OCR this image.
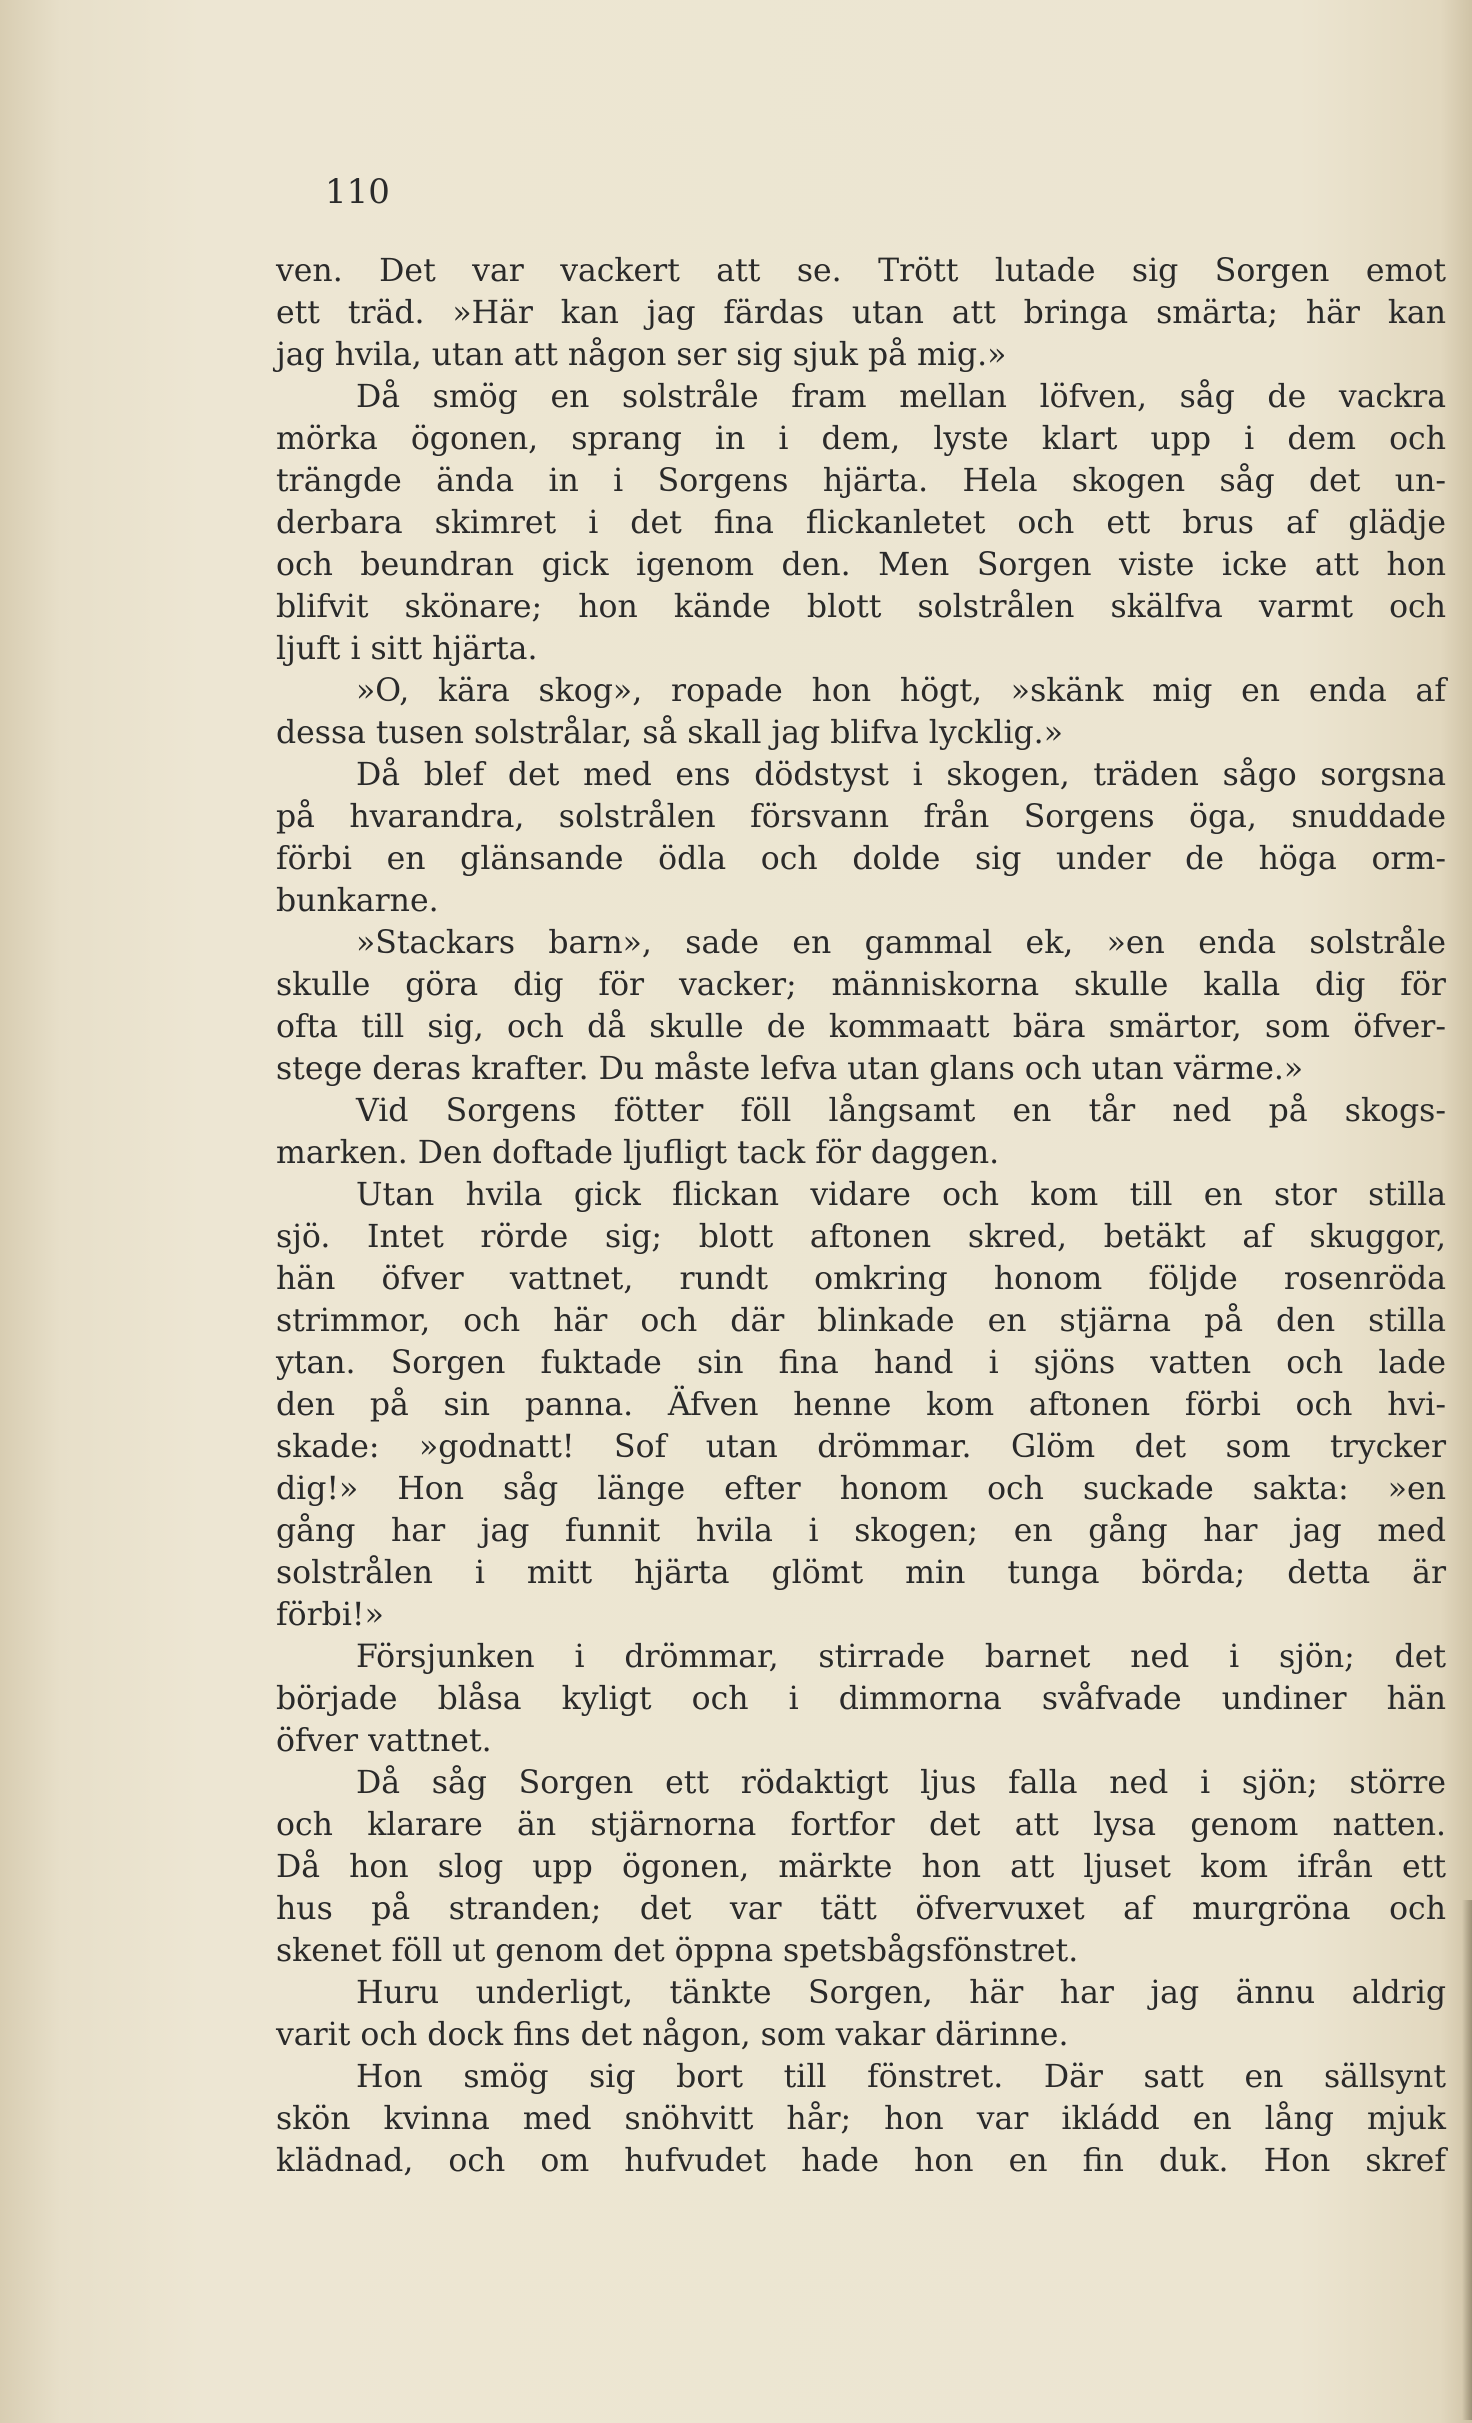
110
ven. Det var vackert att se. Trött lutade sig Sorgen emot
ett träd. »Här kan jag färdas utan att bringa smärta; här kan
jag hvila, utan att någon ser sig sjuk på mig.»
Då smög en solstråle fram mellan löfven, såg de vackra
mörka ögonen, sprang in i dem, lyste klart upp i dem och
trängde ända in i Sorgens hjärta. Hela skogen såg det un-
derbara skimret i det fina flickanletet och ett brus af glädje
och beundran gick igenom den. Men Sorgen viste icke att hon
blifvit skönare; hon kände blott solstrålen skälfva varmt och
ljuft i sitt hjärta.
»O, kära skog», ropade hon högt, »skänk mig en enda af
dessa tusen solstrålar, så skall jag blifva lycklig.»
Då blef det med ens dödstyst i skogen, träden sågo sorgsna
på hvarandra, solstrålen försvann från Sorgens öga, snuddade
förbi en glänsande ödla och dolde sig under de höga orm-
bunkarne.
»Stackars barn», sade en gammal ek, »en enda solstråle
skulle göra dig för vacker; människorna skulle kalla dig för
ofta till sig, och då skulle de kommaatt bära smärtor, som öfver-
stege deras krafter. Du måste lefva utan glans och utan värme.»
Vid Sorgens fötter föll långsamt en tår ned på skogs-
marken. Den doftade ljufligt tack för daggen.
Utan hvila gick flickan vidare och kom till en stor stilla
sjö. Intet rörde sig; blott aftonen skred, betäkt af skuggor,
hän öfver vattnet, rundt omkring honom följde rosenröda
strimmor, och här och där blinkade en stjärna på den stilla
ytan. Sorgen fuktade sin fina hand i sjöns vatten och lade
den på sin panna. Äfven henne kom aftonen förbi och hvi-
skade: »godnatt! Sof utan drömmar. Glöm det som trycker
dig!» Hon såg länge efter honom och suckade sakta: »en
gång har jag funnit hvila i skogen; en gång har jag med
solstrålen i mitt hjärta glömt min tunga börda; detta är
förbi!»
Försjunken i drömmar, stirrade barnet ned i sjön; det
började blåsa kyligt och i dimmorna svåfvade undiner hän
öfver vattnet.
Då såg Sorgen ett rödaktigt ljus falla ned i sjön; större
och klarare än stjärnorna fortfor det att lysa genom natten.
Då hon slog upp ögonen, märkte hon att ljuset kom ifrån ett
hus på stranden; det var tätt öfvervuxet af murgröna och
skenet föll ut genom det öppna spetsbågsfönstret.
Huru underligt, tänkte Sorgen, här har jag ännu aldrig
varit och dock fins det någon, som vakar därinne.
Hon smög sig bort till fönstret. Där satt en sällsynt
skön kvinna med snöhvitt hår; hon var ikládd en lång mjuk
klädnad, och om hufvudet hade hon en fin duk. Hon skref
